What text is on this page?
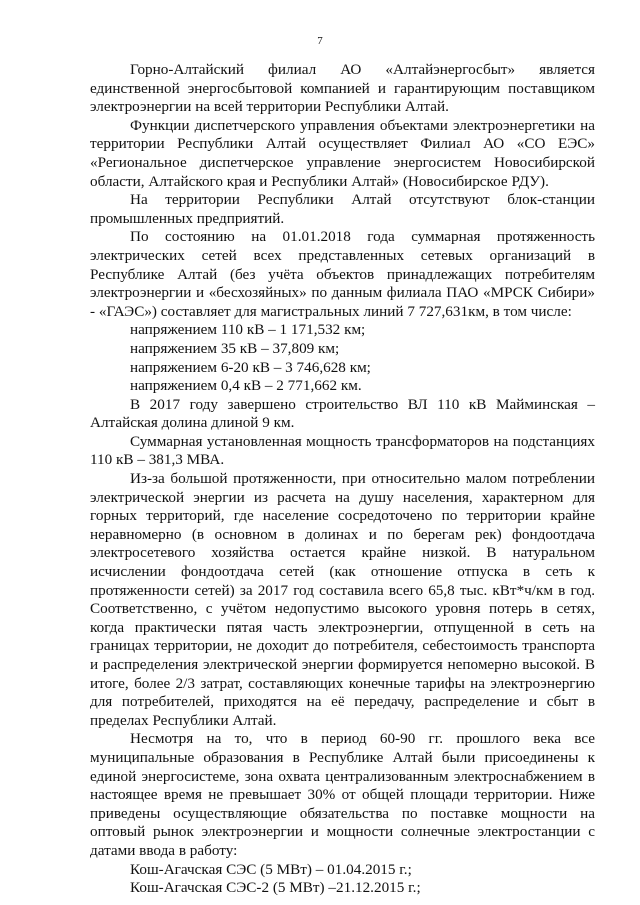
7

Горно-Алтайский филиал АО «Алтайэнергосбыт» является единственной энергосбытовой компанией и гарантирующим поставщиком электроэнергии на всей территории Республики Алтай.

Функции диспетчерского управления объектами электроэнергетики на территории Республики Алтай осуществляет Филиал АО «СО ЕЭС» «Региональное диспетчерское управление энергосистем Новосибирской области, Алтайского края и Республики Алтай» (Новосибирское РДУ).

На территории Республики Алтай отсутствуют блок-станции промышленных предприятий.

По состоянию на 01.01.2018 года суммарная протяженность электрических сетей всех представленных сетевых организаций в Республике Алтай (без учёта объектов принадлежащих потребителям электроэнергии и «бесхозяйных» по данным филиала ПАО «МРСК Сибири» - «ГАЭС») составляет для магистральных линий 7 727,631км, в том числе:

напряжением 110 кВ – 1 171,532 км;

напряжением 35 кВ – 37,809 км;

напряжением 6-20 кВ – 3 746,628 км;

напряжением 0,4 кВ – 2 771,662 км.

В 2017 году завершено строительство ВЛ 110 кВ Майминская – Алтайская долина длиной 9 км.

Суммарная установленная мощность трансформаторов на подстанциях 110 кВ – 381,3 МВА.

Из-за большой протяженности, при относительно малом потреблении электрической энергии из расчета на душу населения, характерном для горных территорий, где население сосредоточено по территории крайне неравномерно (в основном в долинах и по берегам рек) фондоотдача электросетевого хозяйства остается крайне низкой. В натуральном исчислении фондоотдача сетей (как отношение отпуска в сеть к протяженности сетей) за 2017 год составила всего 65,8 тыс. кВт*ч/км в год. Соответственно, с учётом недопустимо высокого уровня потерь в сетях, когда практически пятая часть электроэнергии, отпущенной в сеть на границах территории, не доходит до потребителя, себестоимость транспорта и распределения электрической энергии формируется непомерно высокой. В итоге, более 2/3 затрат, составляющих конечные тарифы на электроэнергию для потребителей, приходятся на её передачу, распределение и сбыт в пределах Республики Алтай.

Несмотря на то, что в период 60-90 гг. прошлого века все муниципальные образования в Республике Алтай были присоединены к единой энергосистеме, зона охвата централизованным электроснабжением в настоящее время не превышает 30% от общей площади территории. Ниже приведены осуществляющие обязательства по поставке мощности на оптовый рынок электроэнергии и мощности солнечные электростанции с датами ввода в работу:

Кош-Агачская СЭС (5 МВт) – 01.04.2015 г.;

Кош-Агачская СЭС-2 (5 МВт) –21.12.2015 г.;
